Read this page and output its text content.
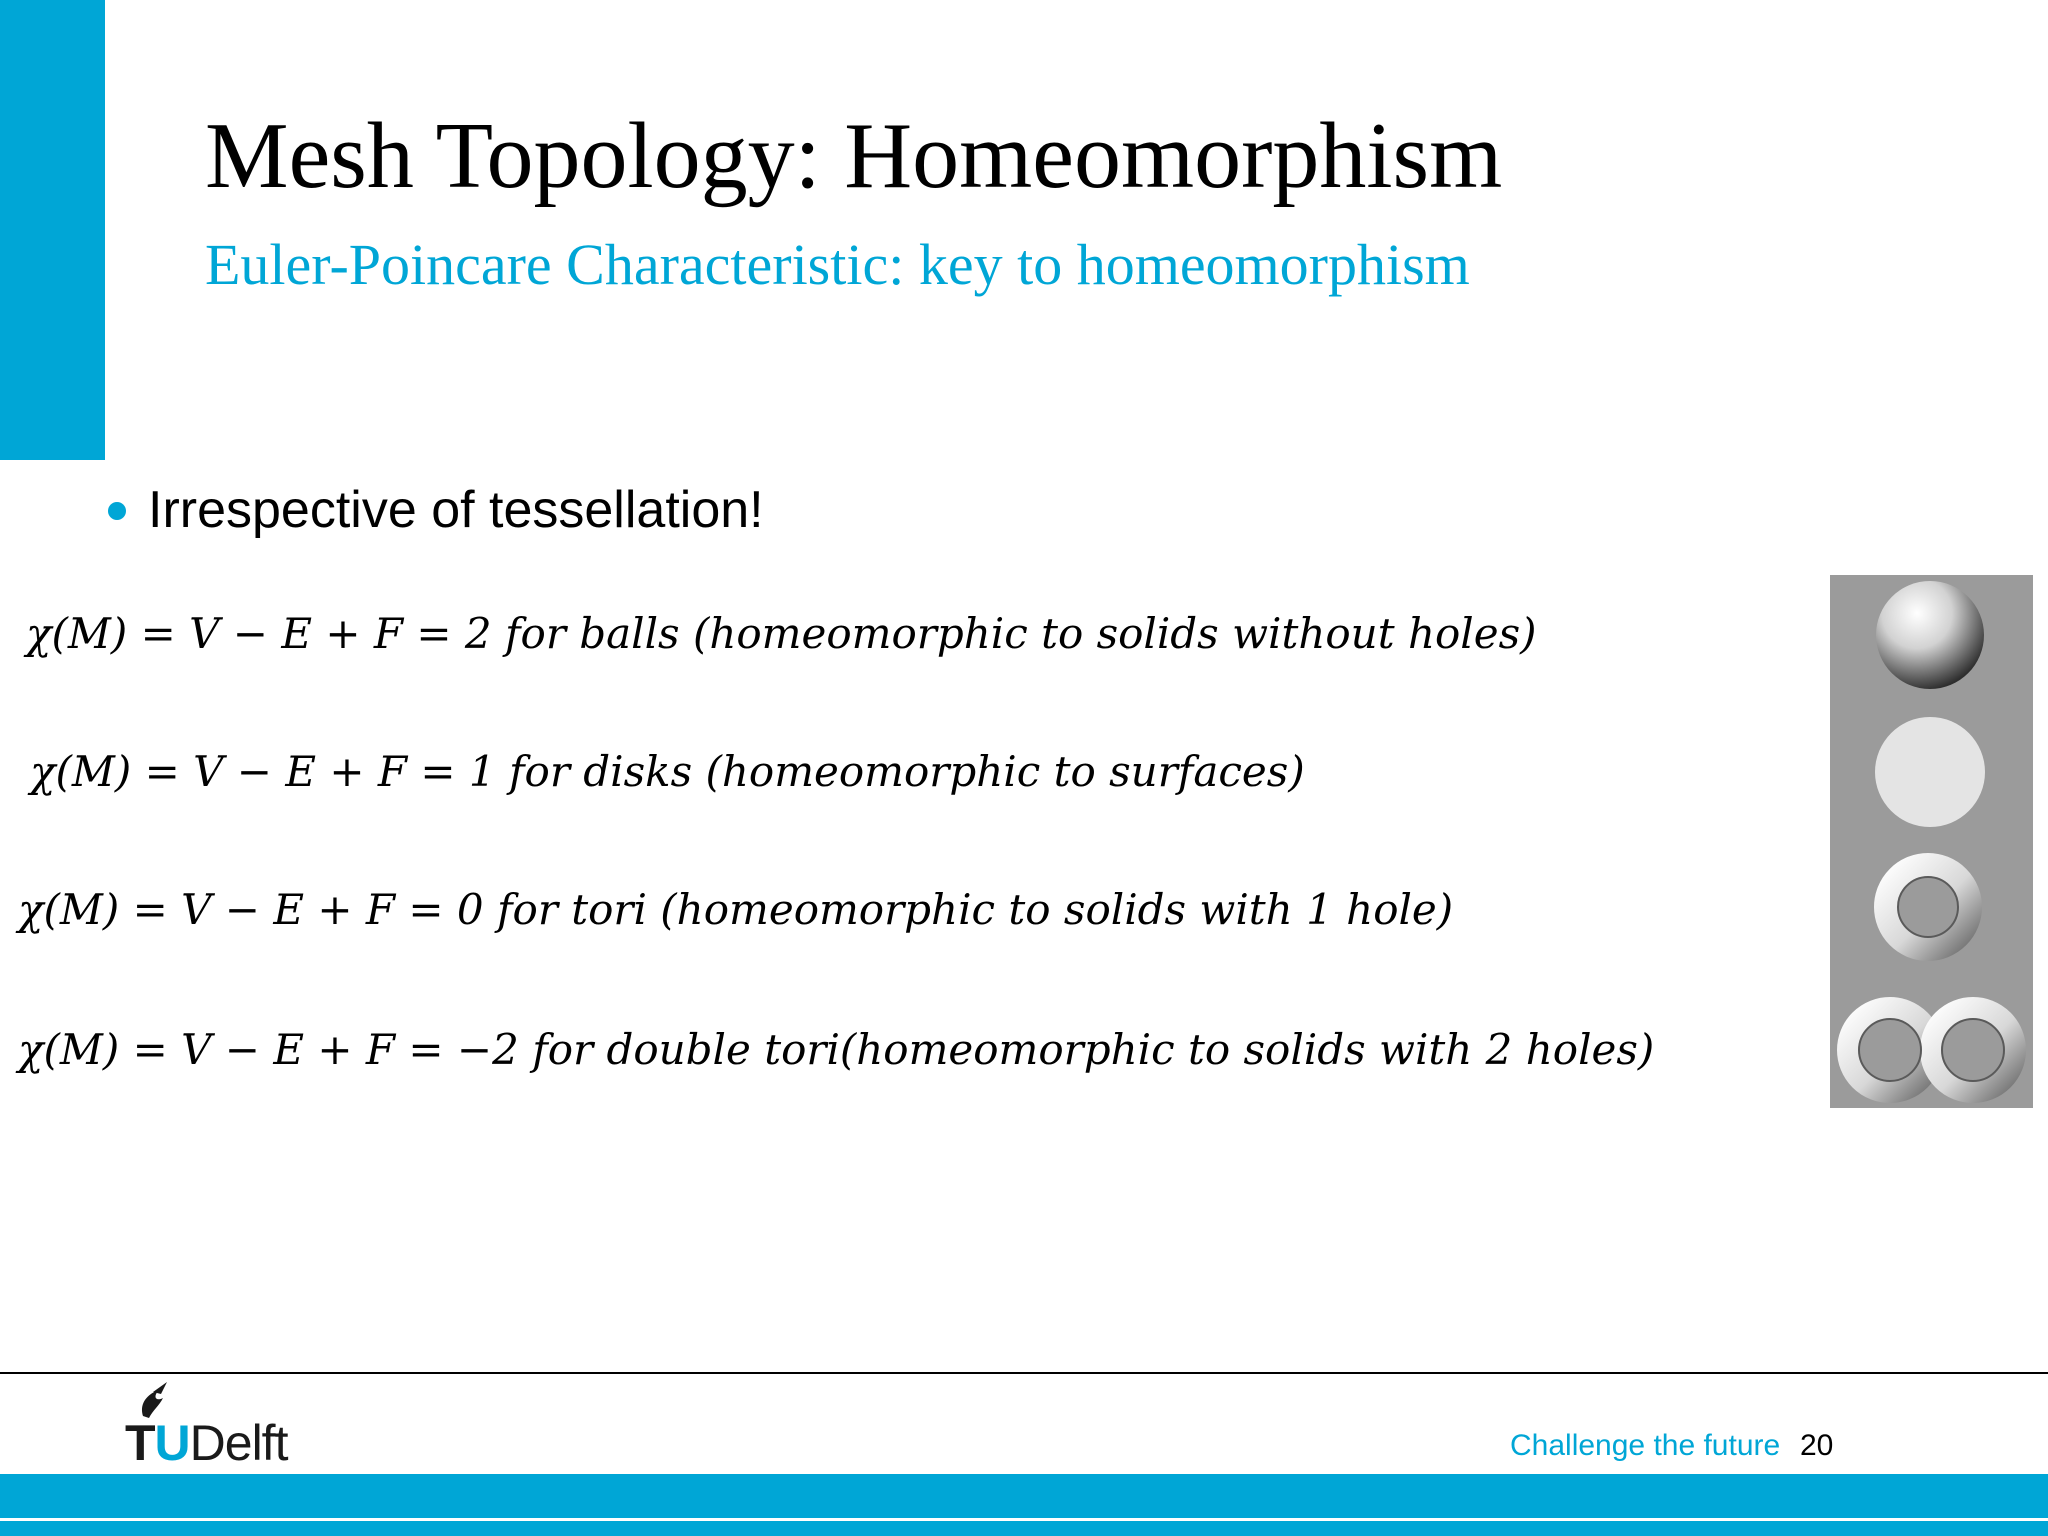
Mesh Topology: Homeomorphism
Euler-Poincare Characteristic: key to homeomorphism
Irrespective of tessellation!

χ(M) = V − E + F = 2 for balls (homeomorphic to solids without holes)

χ(M) = V − E + F = 1 for disks (homeomorphic to surfaces)

χ(M) = V − E + F = 0 for tori (homeomorphic to solids with 1 hole)

χ(M) = V − E + F = −2 for double tori(homeomorphic to solids with 2 holes)

TUDelft	Challenge the future 20
